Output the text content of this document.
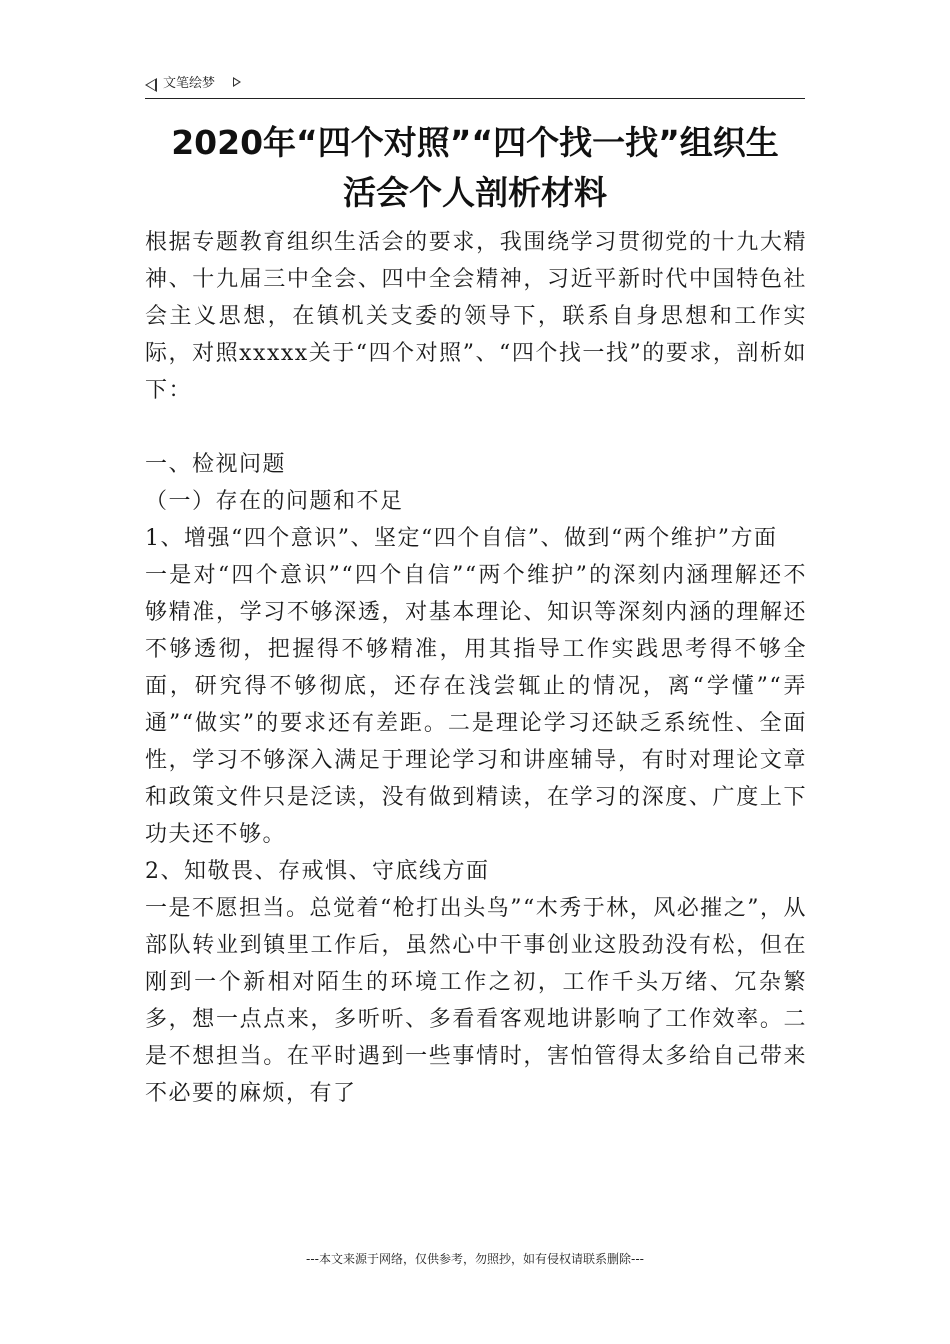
文笔绘梦
2020年“四个对照”“四个找一找”组织生
活会个人剖析材料

根据专题教育组织生活会的要求，我围绕学习贯彻党的十九大精神、十九届三中全会、四中全会精神，习近平新时代中国特色社会主义思想，在镇机关支委的领导下，联系自身思想和工作实际，对照xxxxx关于“四个对照”、“四个找一找”的要求，剖析如下：

一、检视问题

（一）存在的问题和不足

1、增强“四个意识”、坚定“四个自信”、做到“两个维护”方面

一是对“四个意识”“四个自信”“两个维护”的深刻内涵理解还不够精准，学习不够深透，对基本理论、知识等深刻内涵的理解还不够透彻，把握得不够精准，用其指导工作实践思考得不够全面，研究得不够彻底，还存在浅尝辄止的情况，离“学懂”“弄通”“做实”的要求还有差距。二是理论学习还缺乏系统性、全面性，学习不够深入满足于理论学习和讲座辅导，有时对理论文章和政策文件只是泛读，没有做到精读，在学习的深度、广度上下功夫还不够。

2、知敬畏、存戒惧、守底线方面

一是不愿担当。总觉着“枪打出头鸟”“木秀于林，风必摧之”，从部队转业到镇里工作后，虽然心中干事创业这股劲没有松，但在刚到一个新相对陌生的环境工作之初，工作千头万绪、冗杂繁多，想一点点来，多听听、多看看客观地讲影响了工作效率。二是不想担当。在平时遇到一些事情时，害怕管得太多给自己带来不必要的麻烦，有了

---本文来源于网络，仅供参考，勿照抄，如有侵权请联系删除---
